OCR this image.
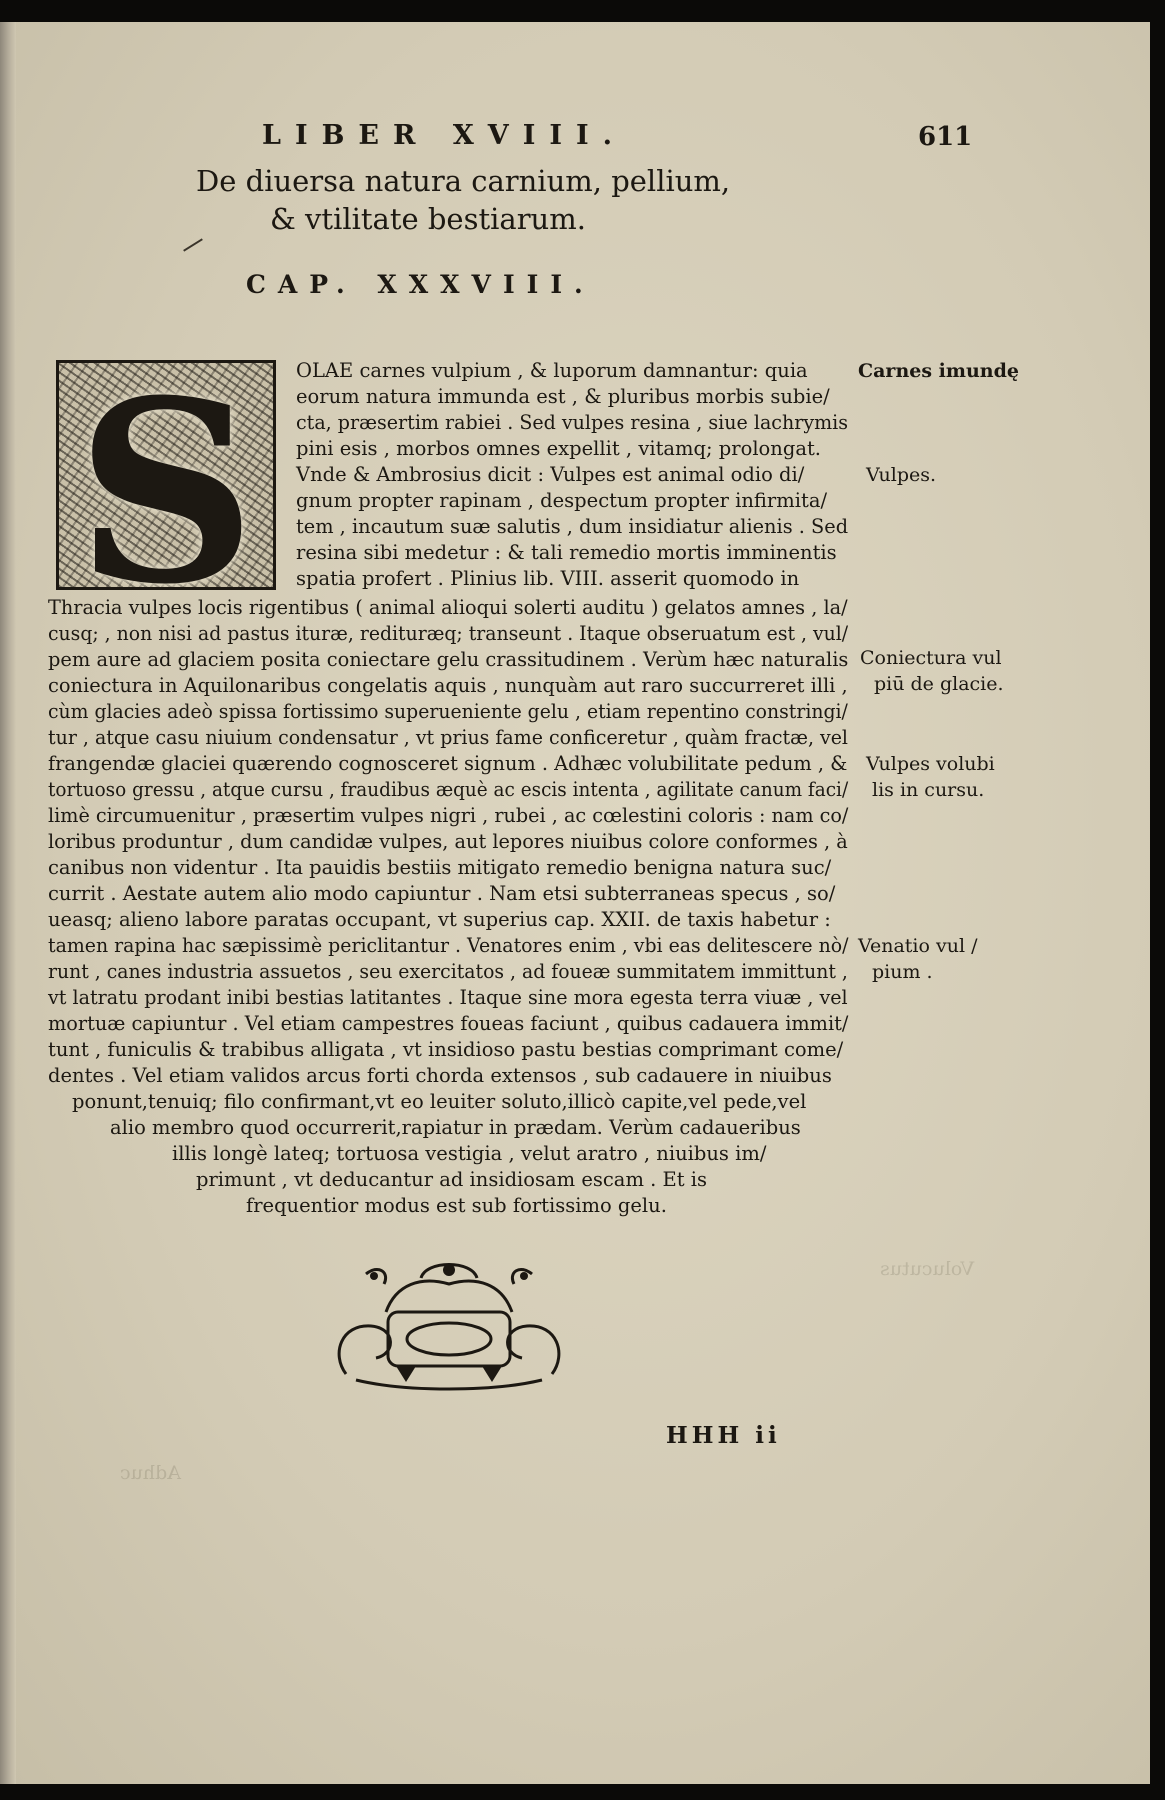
Adhuc
Volucutus
LIBER XVIII.	611
De diuersa natura carnium, pellium,
& vtilitate bestiarum.
CAP. XXXVIII.
S	OLAE carnes vulpium , & luporum damnantur: quia
eorum natura immunda est , & pluribus morbis subie/
cta, præsertim rabiei . Sed vulpes resina , siue lachrymis
pini esis , morbos omnes expellit , vitamq; prolongat.
Vnde & Ambrosius dicit : Vulpes est animal odio di/
gnum propter rapinam , despectum propter infirmita/
tem , incautum suæ salutis , dum insidiatur alienis . Sed
resina sibi medetur : & tali remedio mortis imminentis
spatia profert . Plinius lib. VIII. asserit quomodo in
Thracia vulpes locis rigentibus ( animal alioqui solerti auditu ) gelatos amnes , la/
cusq; , non nisi ad pastus ituræ, redituræq; transeunt . Itaque obseruatum est , vul/
pem aure ad glaciem posita coniectare gelu crassitudinem . Verùm hæc naturalis
coniectura in Aquilonaribus congelatis aquis , nunquàm aut raro succurreret illi ,
cùm glacies adeò spissa fortissimo superueniente gelu , etiam repentino constringi/
tur , atque casu niuium condensatur , vt prius fame conficeretur , quàm fractæ, vel
frangendæ glaciei quærendo cognosceret signum . Adhæc volubilitate pedum , &
tortuoso gressu , atque cursu , fraudibus æquè ac escis intenta , agilitate canum faci/
limè circumuenitur , præsertim vulpes nigri , rubei , ac cœlestini coloris : nam co/
loribus produntur , dum candidæ vulpes, aut lepores niuibus colore conformes , à
canibus non videntur . Ita pauidis bestiis mitigato remedio benigna natura suc/
currit . Aestate autem alio modo capiuntur . Nam etsi subterraneas specus , so/
ueasq; alieno labore paratas occupant, vt superius cap. XXII. de taxis habetur :
tamen rapina hac sæpissimè periclitantur . Venatores enim , vbi eas delitescere nò/
runt , canes industria assuetos , seu exercitatos , ad foueæ summitatem immittunt ,
vt latratu prodant inibi bestias latitantes . Itaque sine mora egesta terra viuæ , vel
mortuæ capiuntur . Vel etiam campestres foueas faciunt , quibus cadauera immit/
tunt , funiculis & trabibus alligata , vt insidioso pastu bestias comprimant come/
dentes . Vel etiam validos arcus forti chorda extensos , sub cadauere in niuibus
ponunt,tenuiq; filo confirmant,vt eo leuiter soluto,illicò capite,vel pede,vel
alio membro quod occurrerit,rapiatur in prædam. Verùm cadaueribus
illis longè lateq; tortuosa vestigia , velut aratro , niuibus im/
primunt , vt deducantur ad insidiosam escam . Et is
frequentior modus est sub fortissimo gelu.
Carnes imundę
Vulpes.
Coniectura vul
piū de glacie.
Vulpes volubi
lis in cursu.
Venatio vul /
pium .
HHH ii
